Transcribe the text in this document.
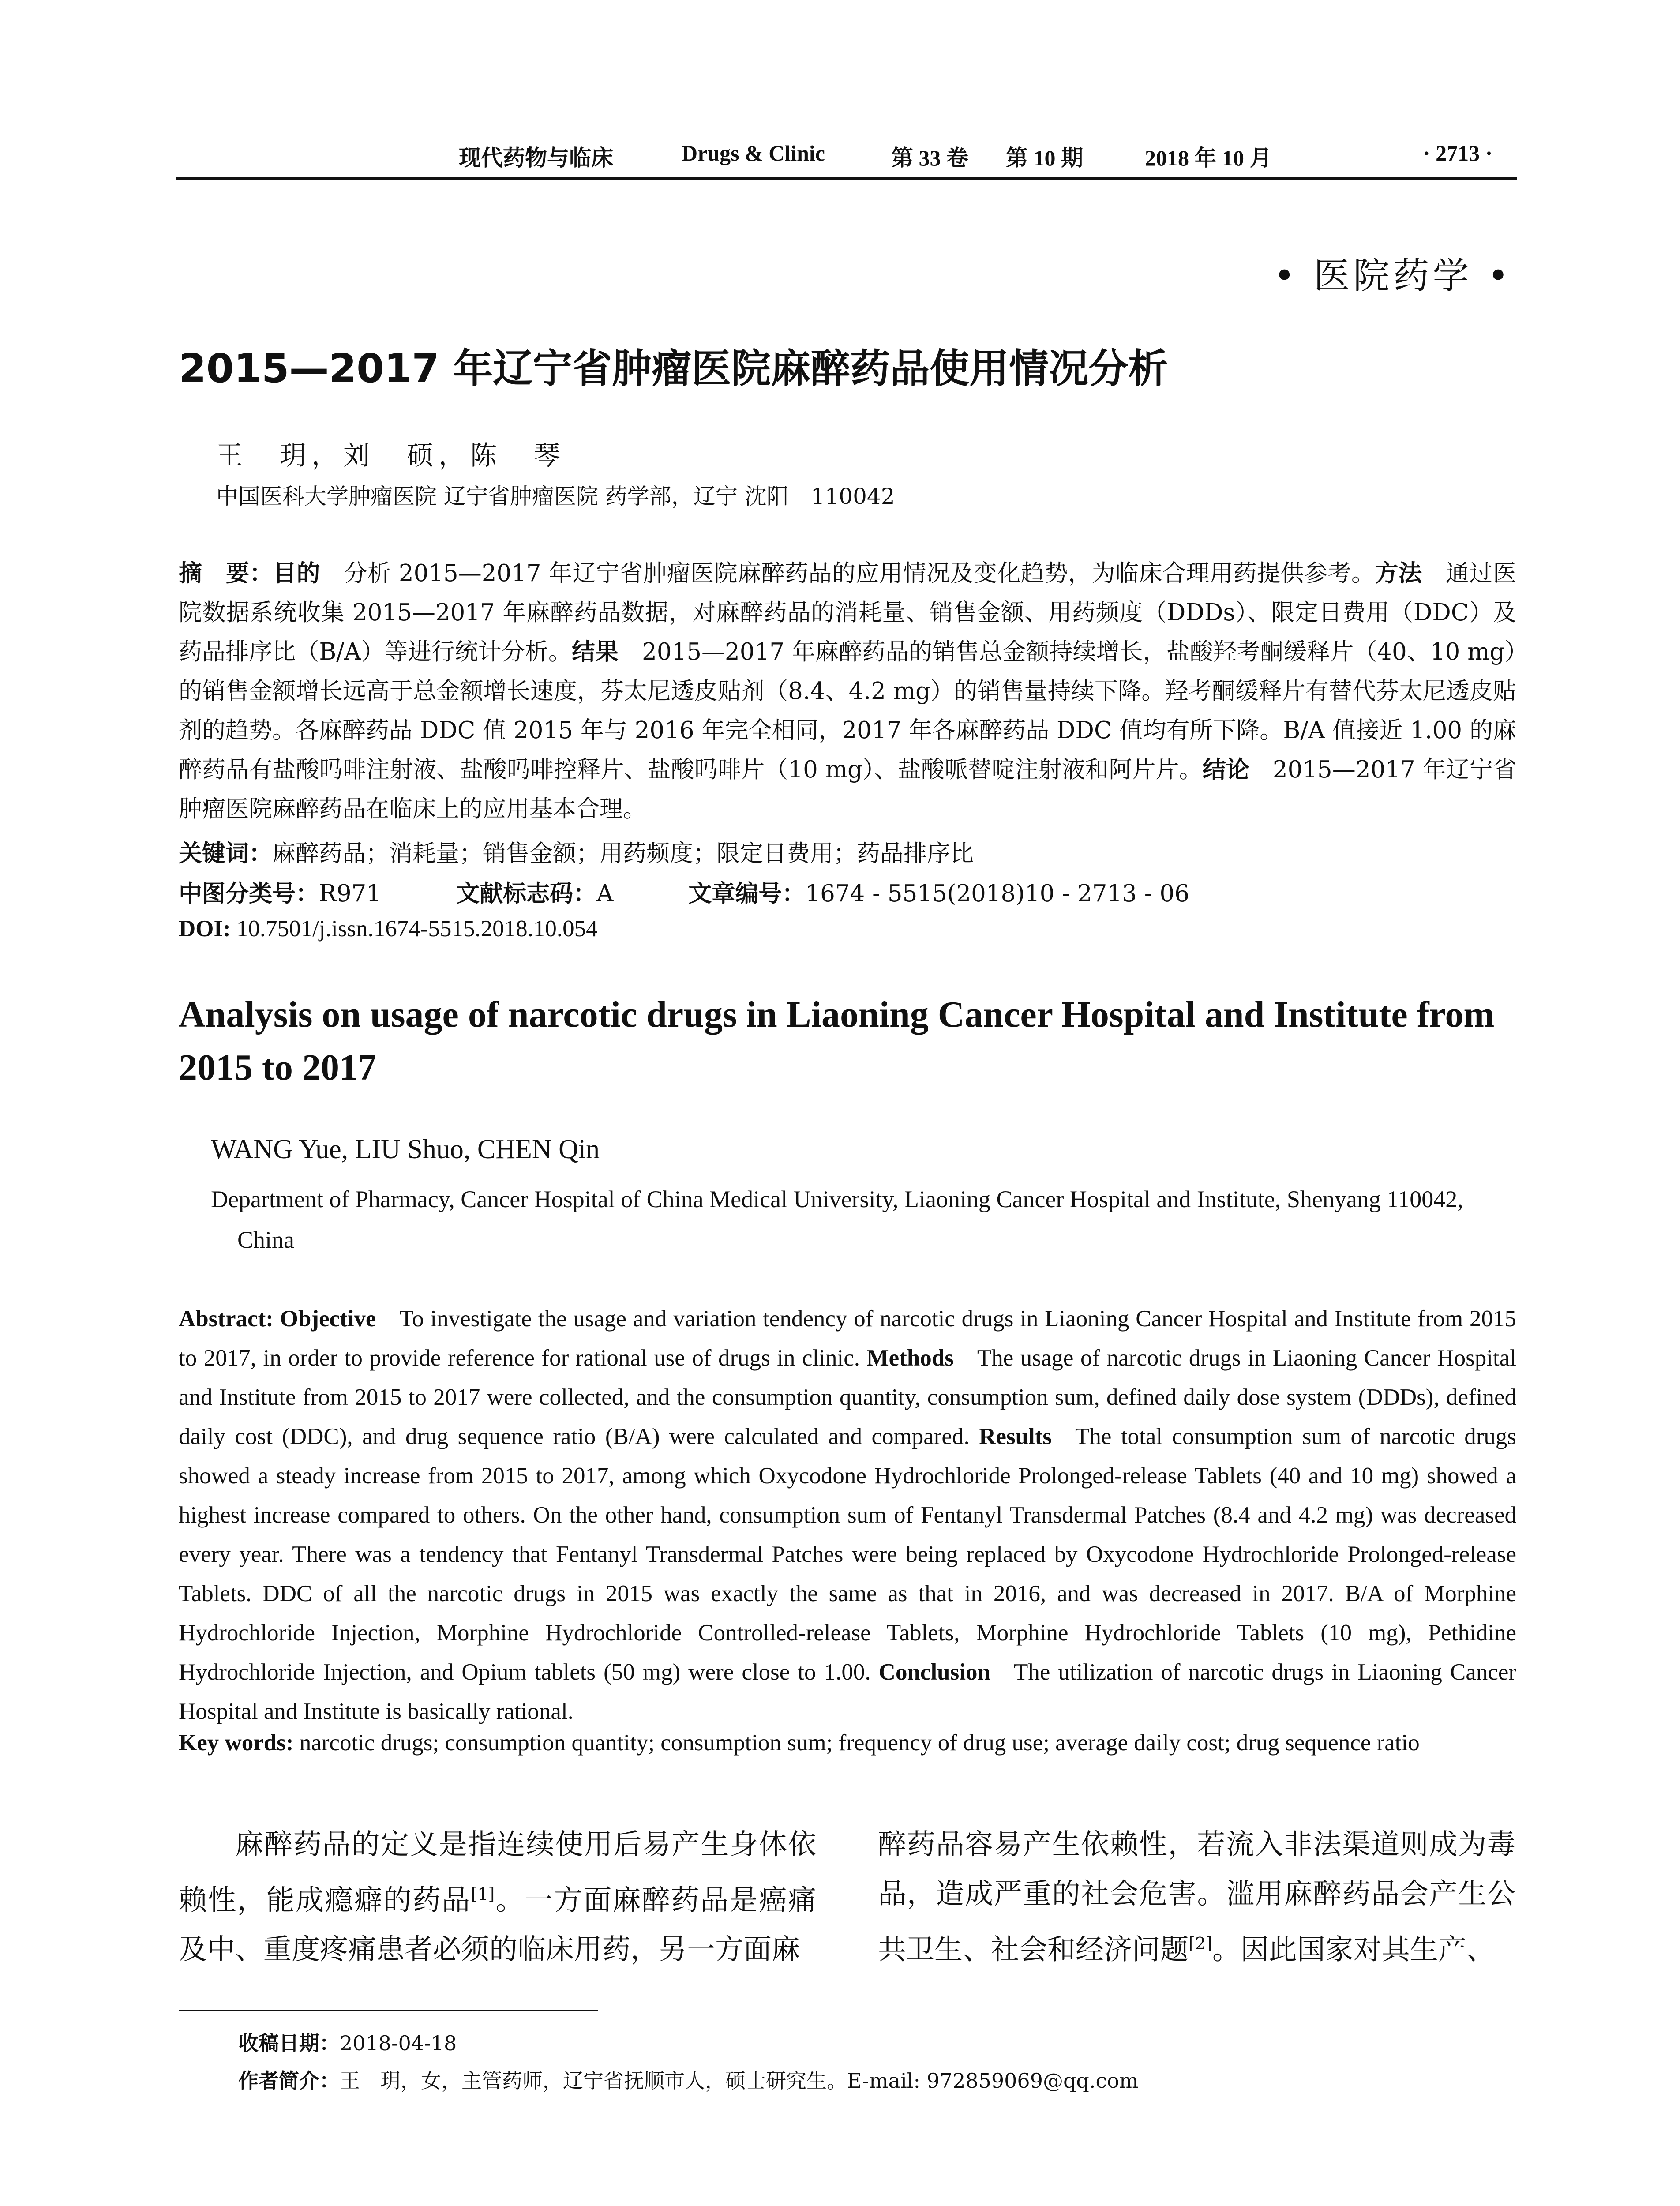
现代药物与临床	Drugs & Clinic	第 33 卷 第 10 期	2018 年 10 月	· 2713 ·
• 医院药学 •
2015—2017 年辽宁省肿瘤医院麻醉药品使用情况分析
王　玥，刘　硕，陈　琴
中国医科大学肿瘤医院 辽宁省肿瘤医院 药学部，辽宁 沈阳　110042
摘　要：目的  分析 2015—2017 年辽宁省肿瘤医院麻醉药品的应用情况及变化趋势，为临床合理用药提供参考。方法  通过医院数据系统收集 2015—2017 年麻醉药品数据，对麻醉药品的消耗量、销售金额、用药频度（DDDs）、限定日费用（DDC）及药品排序比（B/A）等进行统计分析。结果  2015—2017 年麻醉药品的销售总金额持续增长，盐酸羟考酮缓释片（40、10 mg）的销售金额增长远高于总金额增长速度，芬太尼透皮贴剂（8.4、4.2 mg）的销售量持续下降。羟考酮缓释片有替代芬太尼透皮贴剂的趋势。各麻醉药品 DDC 值 2015 年与 2016 年完全相同，2017 年各麻醉药品 DDC 值均有所下降。B/A 值接近 1.00 的麻醉药品有盐酸吗啡注射液、盐酸吗啡控释片、盐酸吗啡片（10 mg）、盐酸哌替啶注射液和阿片片。结论  2015—2017 年辽宁省肿瘤医院麻醉药品在临床上的应用基本合理。
关键词：麻醉药品；消耗量；销售金额；用药频度；限定日费用；药品排序比
中图分类号：R971	文献标志码：A	文章编号：1674 - 5515(2018)10 - 2713 - 06
DOI: 10.7501/j.issn.1674-5515.2018.10.054
Analysis on usage of narcotic drugs in Liaoning Cancer Hospital and Institute from 2015 to 2017
WANG Yue, LIU Shuo, CHEN Qin
Department of Pharmacy, Cancer Hospital of China Medical University, Liaoning Cancer Hospital and Institute, Shenyang 110042,
China
Abstract: Objective  To investigate the usage and variation tendency of narcotic drugs in Liaoning Cancer Hospital and Institute from 2015 to 2017, in order to provide reference for rational use of drugs in clinic. Methods  The usage of narcotic drugs in Liaoning Cancer Hospital and Institute from 2015 to 2017 were collected, and the consumption quantity, consumption sum, defined daily dose system (DDDs), defined daily cost (DDC), and drug sequence ratio (B/A) were calculated and compared. Results  The total consumption sum of narcotic drugs showed a steady increase from 2015 to 2017, among which Oxycodone Hydrochloride Prolonged-release Tablets (40 and 10 mg) showed a highest increase compared to others. On the other hand, consumption sum of Fentanyl Transdermal Patches (8.4 and 4.2 mg) was decreased every year. There was a tendency that Fentanyl Transdermal Patches were being replaced by Oxycodone Hydrochloride Prolonged-release Tablets. DDC of all the narcotic drugs in 2015 was exactly the same as that in 2016, and was decreased in 2017. B/A of Morphine Hydrochloride Injection, Morphine Hydrochloride Controlled-release Tablets, Morphine Hydrochloride Tablets (10 mg), Pethidine Hydrochloride Injection, and Opium tablets (50 mg) were close to 1.00. Conclusion  The utilization of narcotic drugs in Liaoning Cancer Hospital and Institute is basically rational.
Key words: narcotic drugs; consumption quantity; consumption sum; frequency of drug use; average daily cost; drug sequence ratio
麻醉药品的定义是指连续使用后易产生身体依赖性，能成瘾癖的药品[1]。一方面麻醉药品是癌痛及中、重度疼痛患者必须的临床用药，另一方面麻
醉药品容易产生依赖性，若流入非法渠道则成为毒品，造成严重的社会危害。滥用麻醉药品会产生公共卫生、社会和经济问题[2]。因此国家对其生产、
收稿日期：2018-04-18
作者简介：王　玥，女，主管药师，辽宁省抚顺市人，硕士研究生。E-mail: 972859069@qq.com
